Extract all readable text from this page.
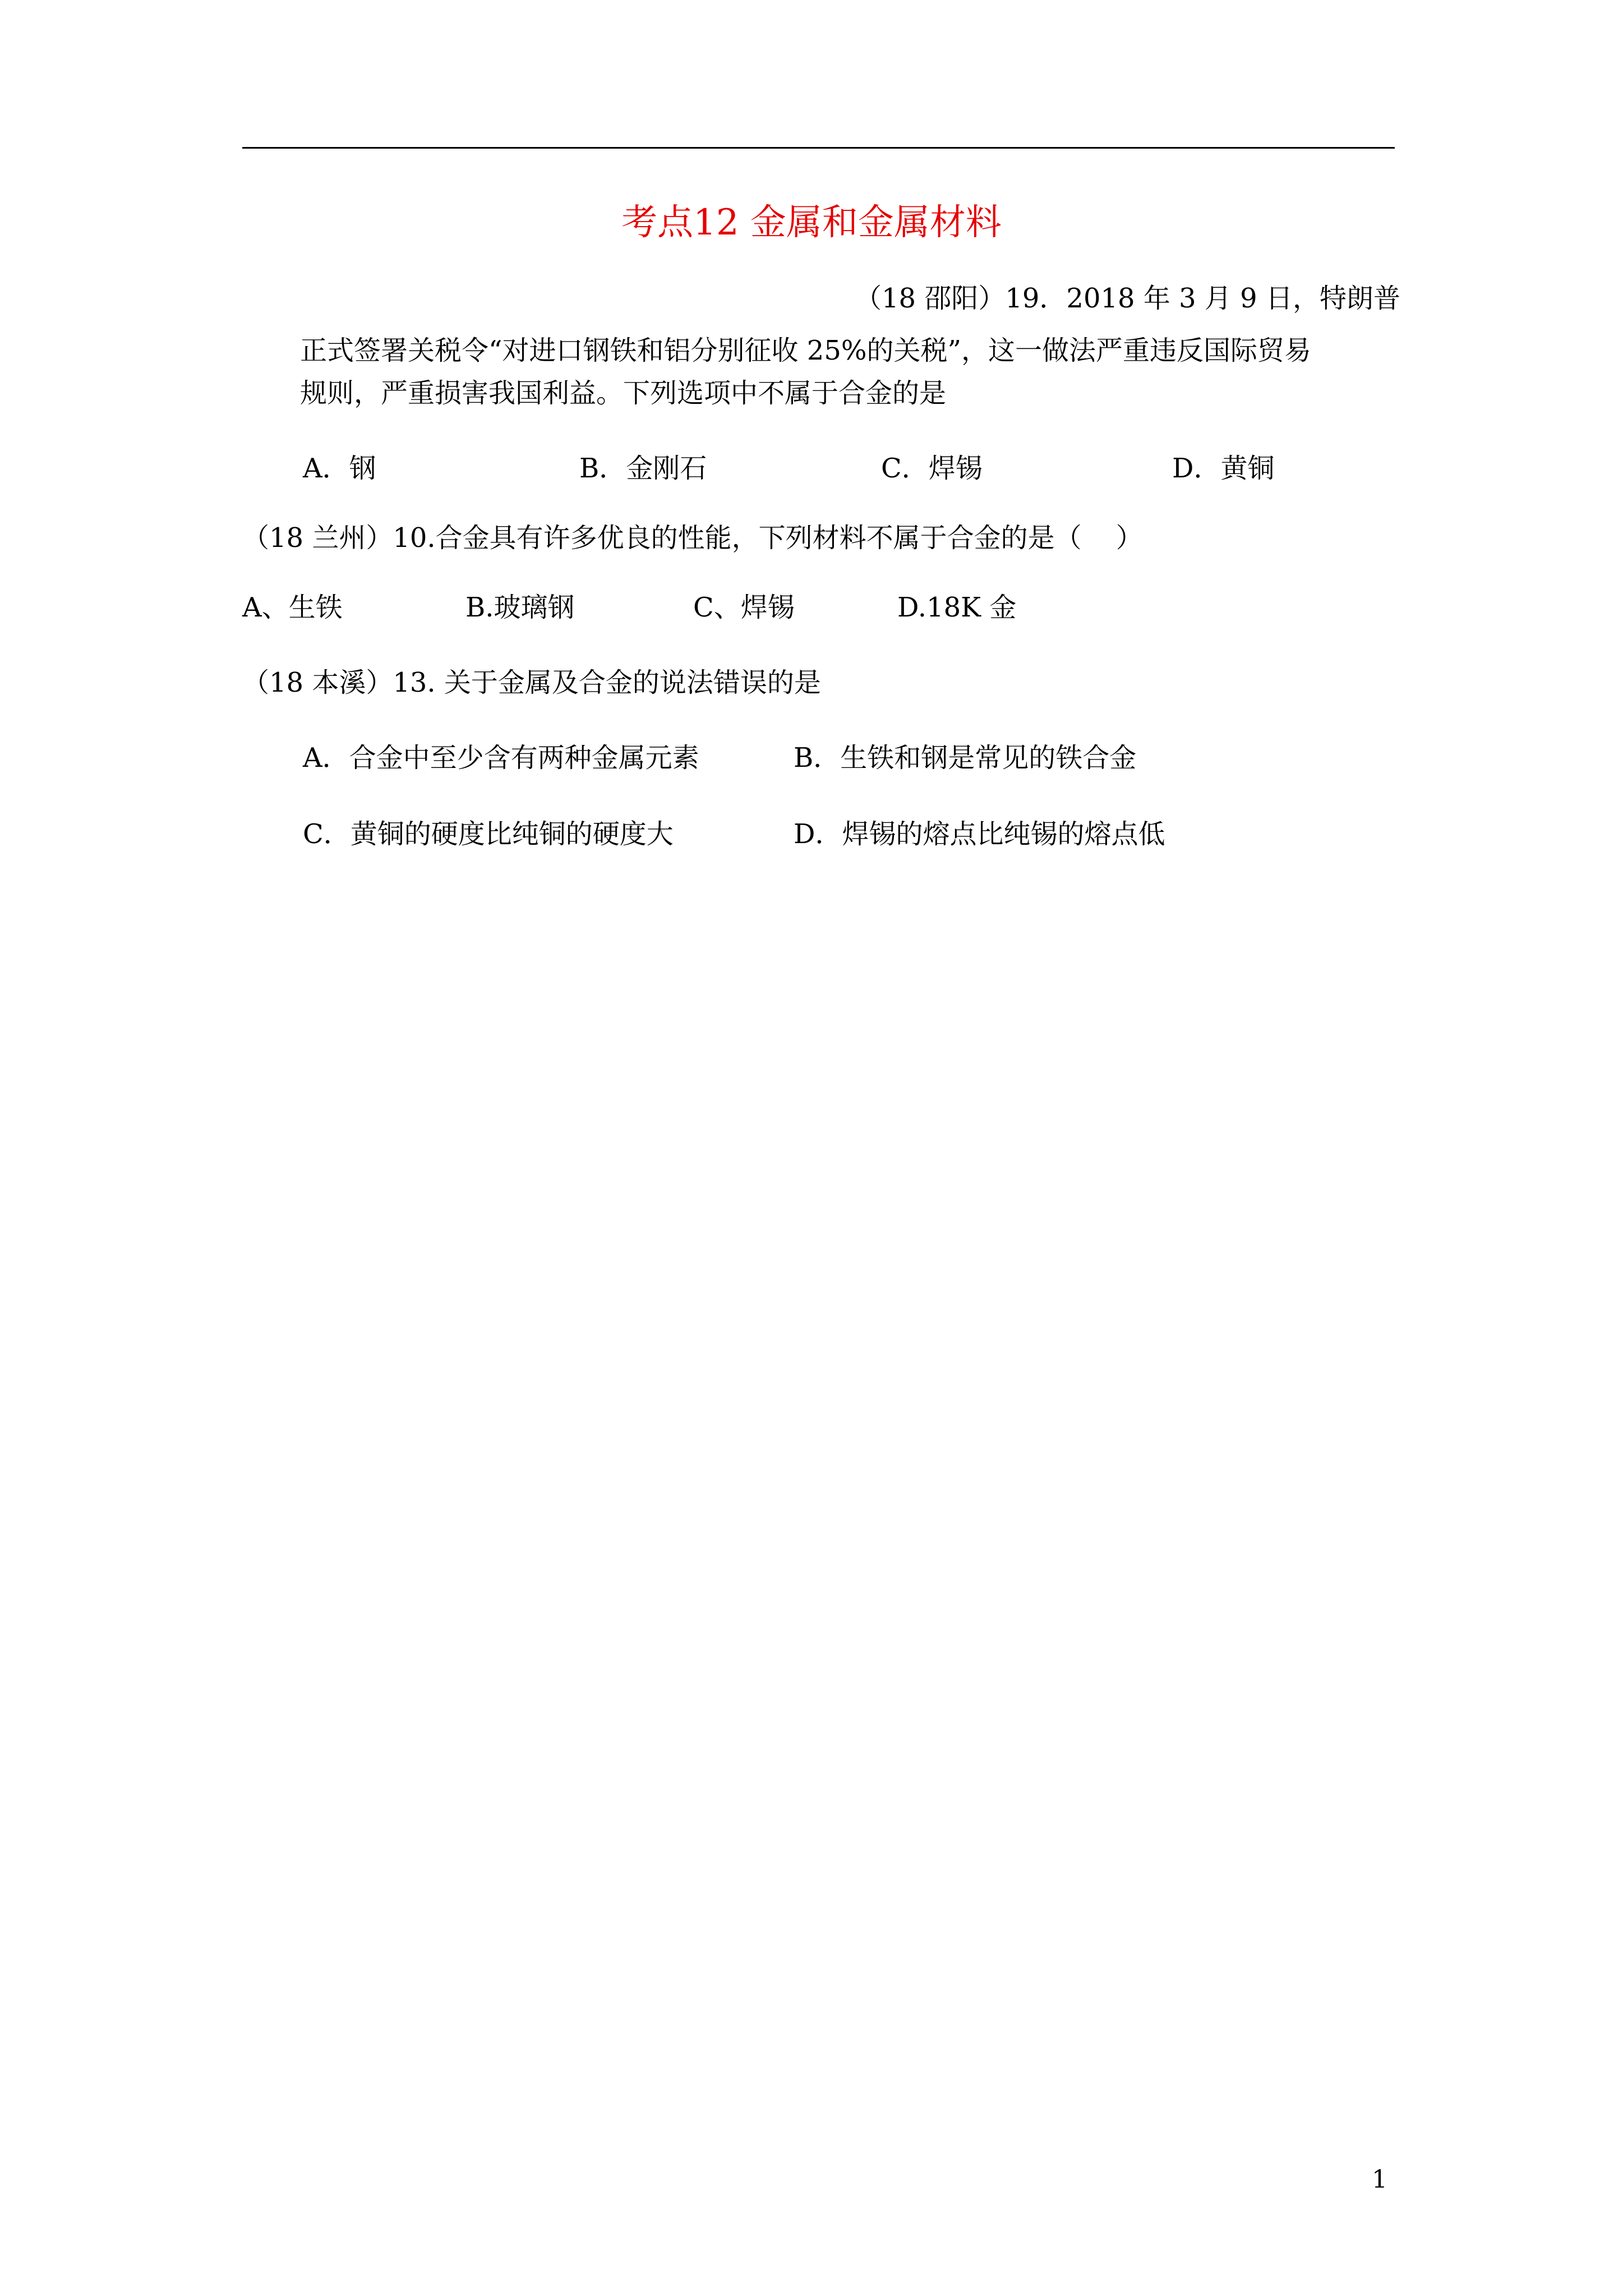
考点12 金属和金属材料
（18 邵阳）19．2018 年 3 月 9 日，特朗普
正式签署关税令“对进口钢铁和铝分别征收 25%的关税”，这一做法严重违反国际贸易
规则，严重损害我国利益。下列选项中不属于合金的是
A．钢	B．金刚石	C．焊锡	D．黄铜
（18 兰州）10.合金具有许多优良的性能，下列材料不属于合金的是（    ）
A、生铁	B.玻璃钢	C、焊锡	D.18K 金
（18 本溪）13. 关于金属及合金的说法错误的是
A．合金中至少含有两种金属元素	B．生铁和钢是常见的铁合金
C．黄铜的硬度比纯铜的硬度大	D．焊锡的熔点比纯锡的熔点低
1
